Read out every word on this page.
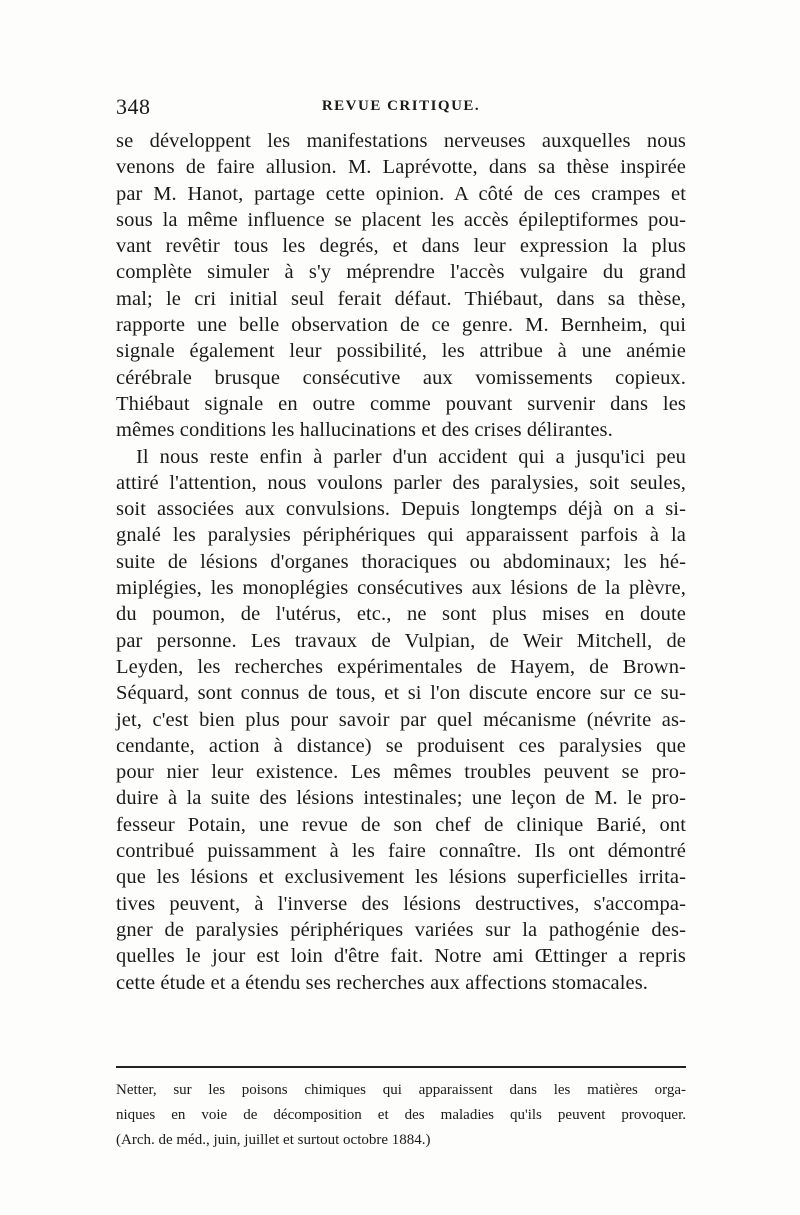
348	REVUE CRITIQUE.
se développent les manifestations nerveuses auxquelles nous
venons de faire allusion. M. Laprévotte, dans sa thèse inspirée
par M. Hanot, partage cette opinion. A côté de ces crampes et
sous la même influence se placent les accès épileptiformes pou-
vant revêtir tous les degrés, et dans leur expression la plus
complète simuler à s'y méprendre l'accès vulgaire du grand
mal; le cri initial seul ferait défaut. Thiébaut, dans sa thèse,
rapporte une belle observation de ce genre. M. Bernheim, qui
signale également leur possibilité, les attribue à une anémie
cérébrale brusque consécutive aux vomissements copieux.
Thiébaut signale en outre comme pouvant survenir dans les
mêmes conditions les hallucinations et des crises délirantes.
Il nous reste enfin à parler d'un accident qui a jusqu'ici peu
attiré l'attention, nous voulons parler des paralysies, soit seules,
soit associées aux convulsions. Depuis longtemps déjà on a si-
gnalé les paralysies périphériques qui apparaissent parfois à la
suite de lésions d'organes thoraciques ou abdominaux; les hé-
miplégies, les monoplégies consécutives aux lésions de la plèvre,
du poumon, de l'utérus, etc., ne sont plus mises en doute
par personne. Les travaux de Vulpian, de Weir Mitchell, de
Leyden, les recherches expérimentales de Hayem, de Brown-
Séquard, sont connus de tous, et si l'on discute encore sur ce su-
jet, c'est bien plus pour savoir par quel mécanisme (névrite as-
cendante, action à distance) se produisent ces paralysies que
pour nier leur existence. Les mêmes troubles peuvent se pro-
duire à la suite des lésions intestinales; une leçon de M. le pro-
fesseur Potain, une revue de son chef de clinique Barié, ont
contribué puissamment à les faire connaître. Ils ont démontré
que les lésions et exclusivement les lésions superficielles irrita-
tives peuvent, à l'inverse des lésions destructives, s'accompa-
gner de paralysies périphériques variées sur la pathogénie des-
quelles le jour est loin d'être fait. Notre ami Œttinger a repris
cette étude et a étendu ses recherches aux affections stomacales.
Netter, sur les poisons chimiques qui apparaissent dans les matières orga-
niques en voie de décomposition et des maladies qu'ils peuvent provoquer.
(Arch. de méd., juin, juillet et surtout octobre 1884.)
